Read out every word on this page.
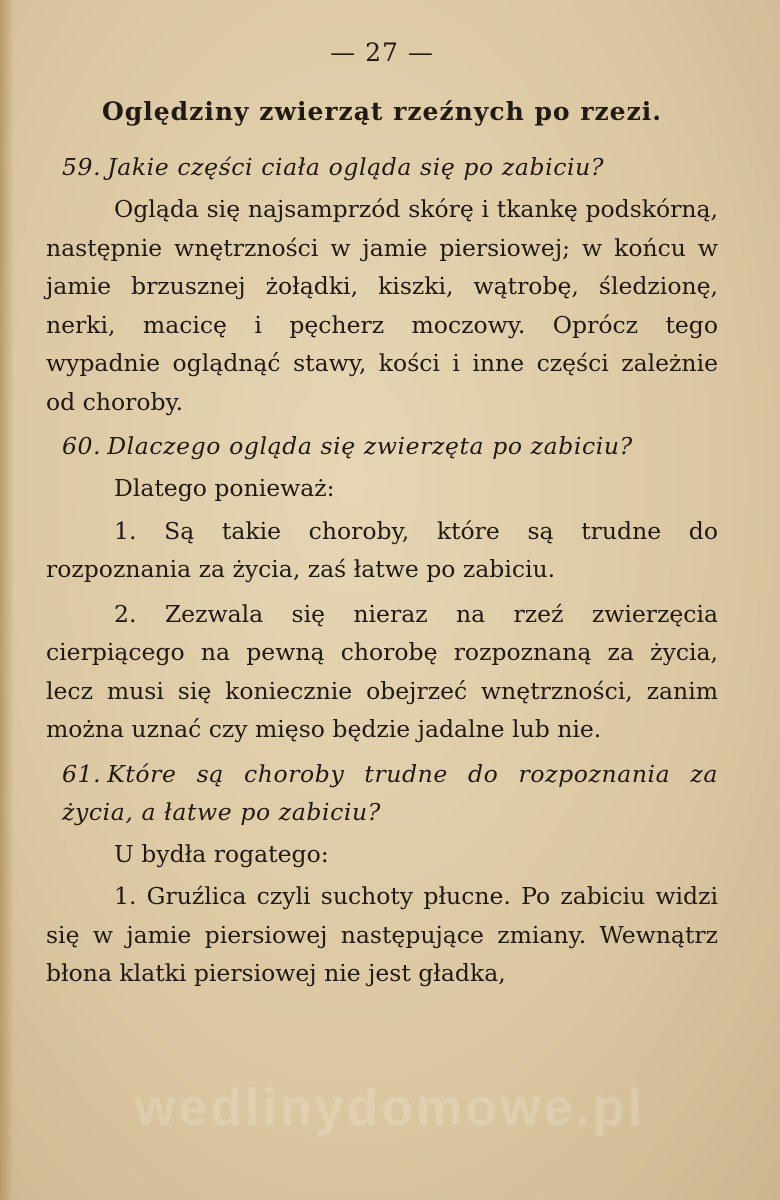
— 27 —
Oględziny zwierząt rzeźnych po rzezi.
59. Jakie części ciała ogląda się po zabiciu?

Ogląda się najsamprzód skórę i tkankę podskórną, następnie wnętrzności w jamie piersiowej; w końcu w jamie brzusznej żołądki, kiszki, wątrobę, śledzionę, nerki, macicę i pęcherz moczowy. Oprócz tego wypadnie oglądnąć stawy, kości i inne części zależnie od choroby.

60. Dlaczego ogląda się zwierzęta po zabiciu?

Dlatego ponieważ:

1. Są takie choroby, które są trudne do rozpoznania za życia, zaś łatwe po zabiciu.

2. Zezwala się nieraz na rzeź zwierzęcia cierpiącego na pewną chorobę rozpoznaną za życia, lecz musi się koniecznie obejrzeć wnętrzności, zanim można uznać czy mięso będzie jadalne lub nie.

61. Które są choroby trudne do rozpoznania za życia, a łatwe po zabiciu?

U bydła rogatego:

1. Gruźlica czyli suchoty płucne. Po zabiciu widzi się w jamie piersiowej następujące zmiany. Wewnątrz błona klatki piersiowej nie jest gładka,

wedlinydomowe.pl
